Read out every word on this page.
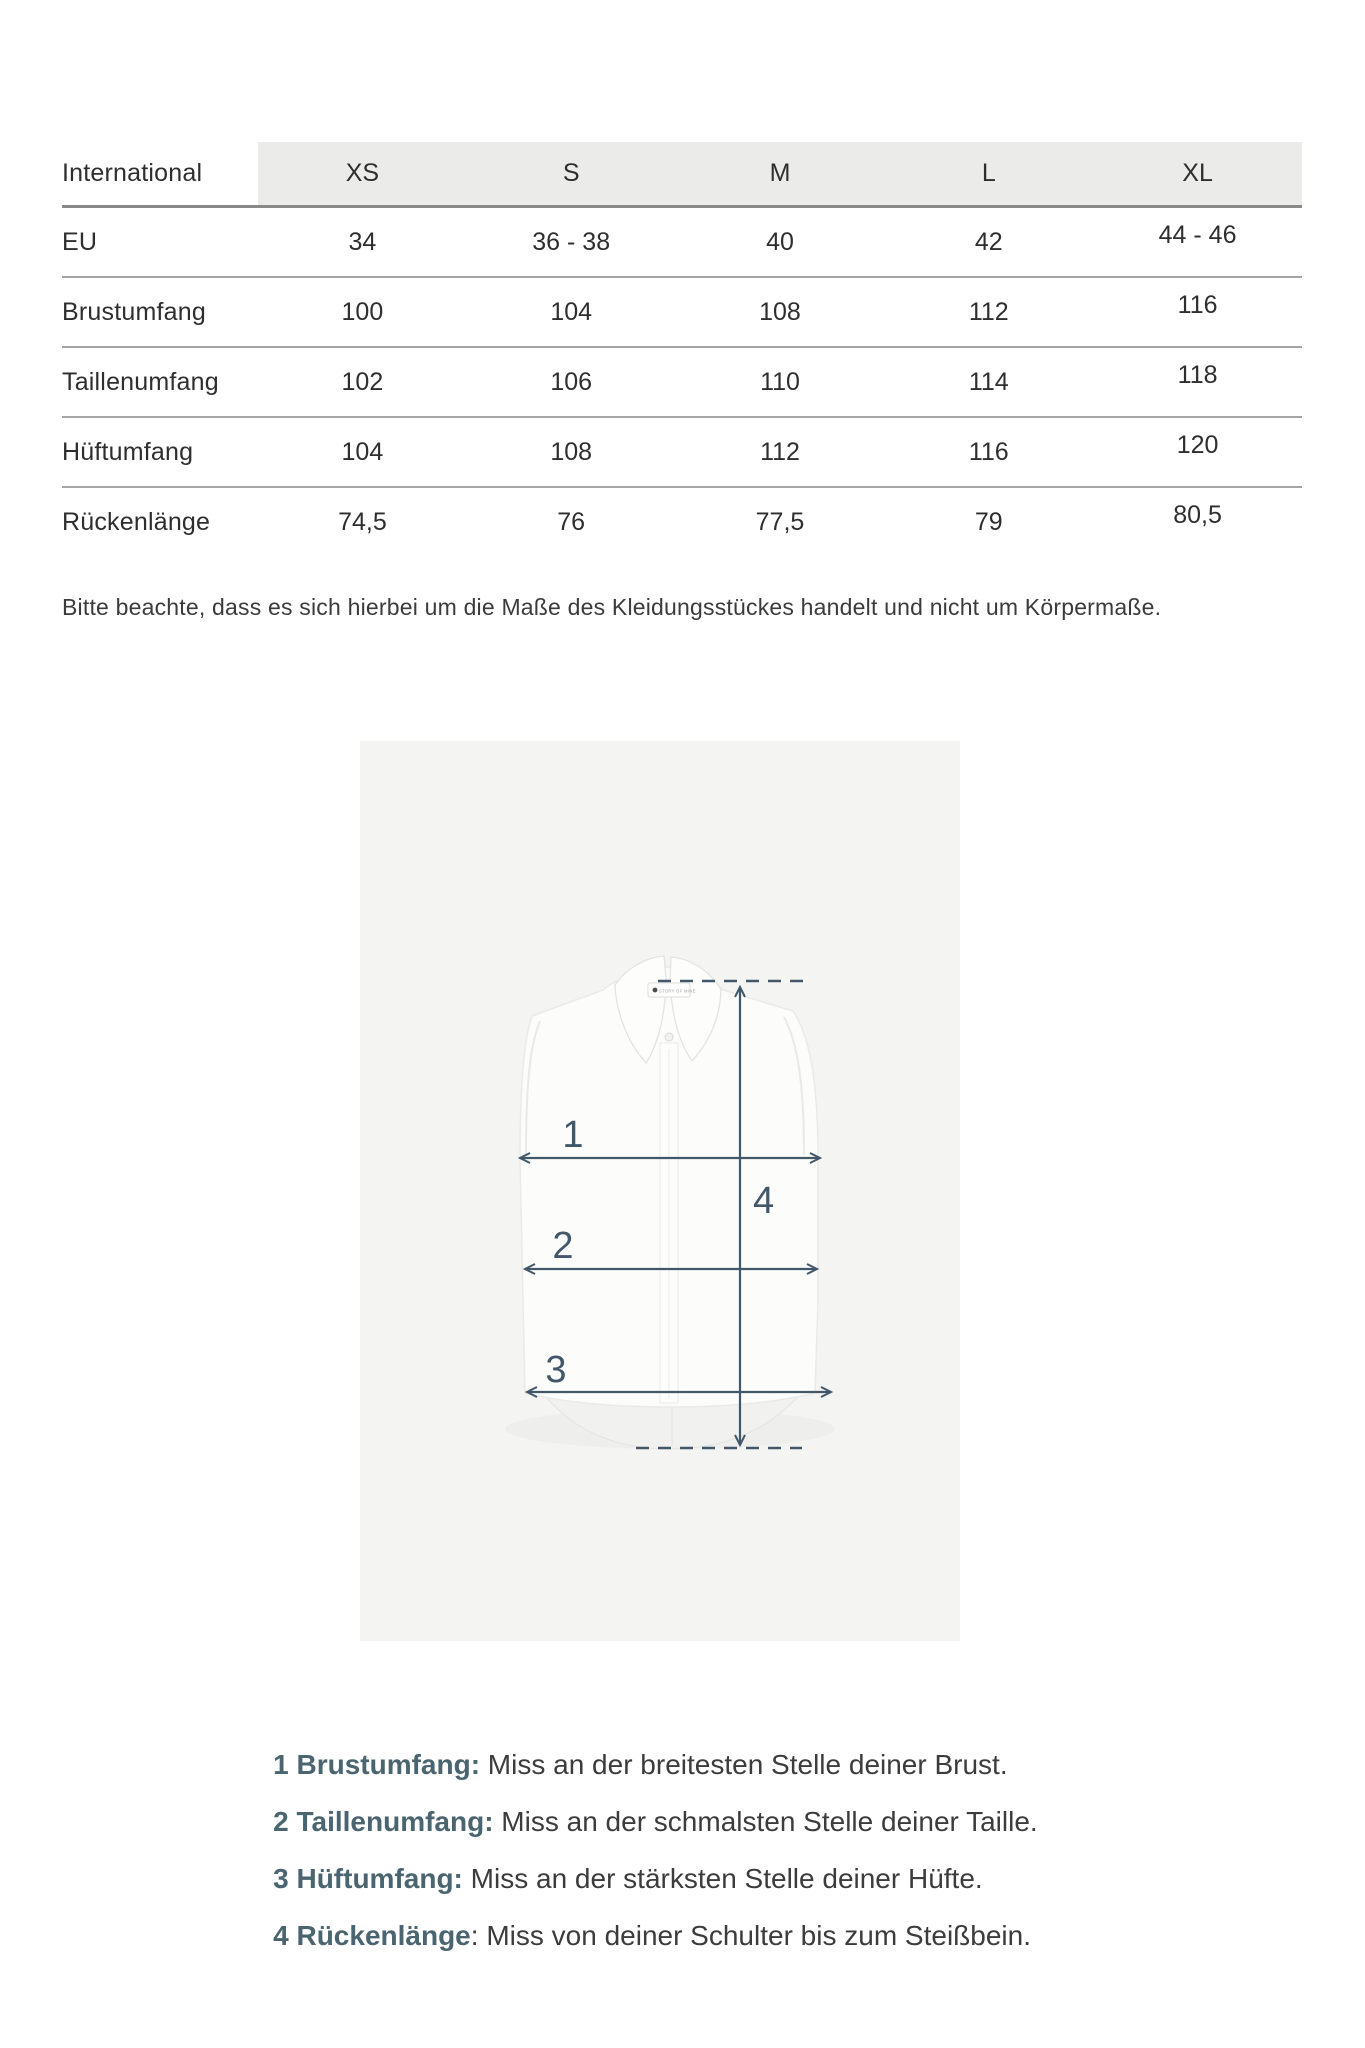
International	XS	S	M	L	XL
EU	34	36 - 38	40	42	44 - 46
Brustumfang	100	104	108	112	116
Taillenumfang	102	106	110	114	118
Hüftumfang	104	108	112	116	120
Rückenlänge	74,5	76	77,5	79	80,5

Bitte beachte, dass es sich hierbei um die Maße des Kleidungsstückes handelt und nicht um Körpermaße.

STORY OF MINE
1
2
3
4

1 Brustumfang: Miss an der breitesten Stelle deiner Brust.

2 Taillenumfang: Miss an der schmalsten Stelle deiner Taille.

3 Hüftumfang: Miss an der stärksten Stelle deiner Hüfte.

4 Rückenlänge: Miss von deiner Schulter bis zum Steißbein.
